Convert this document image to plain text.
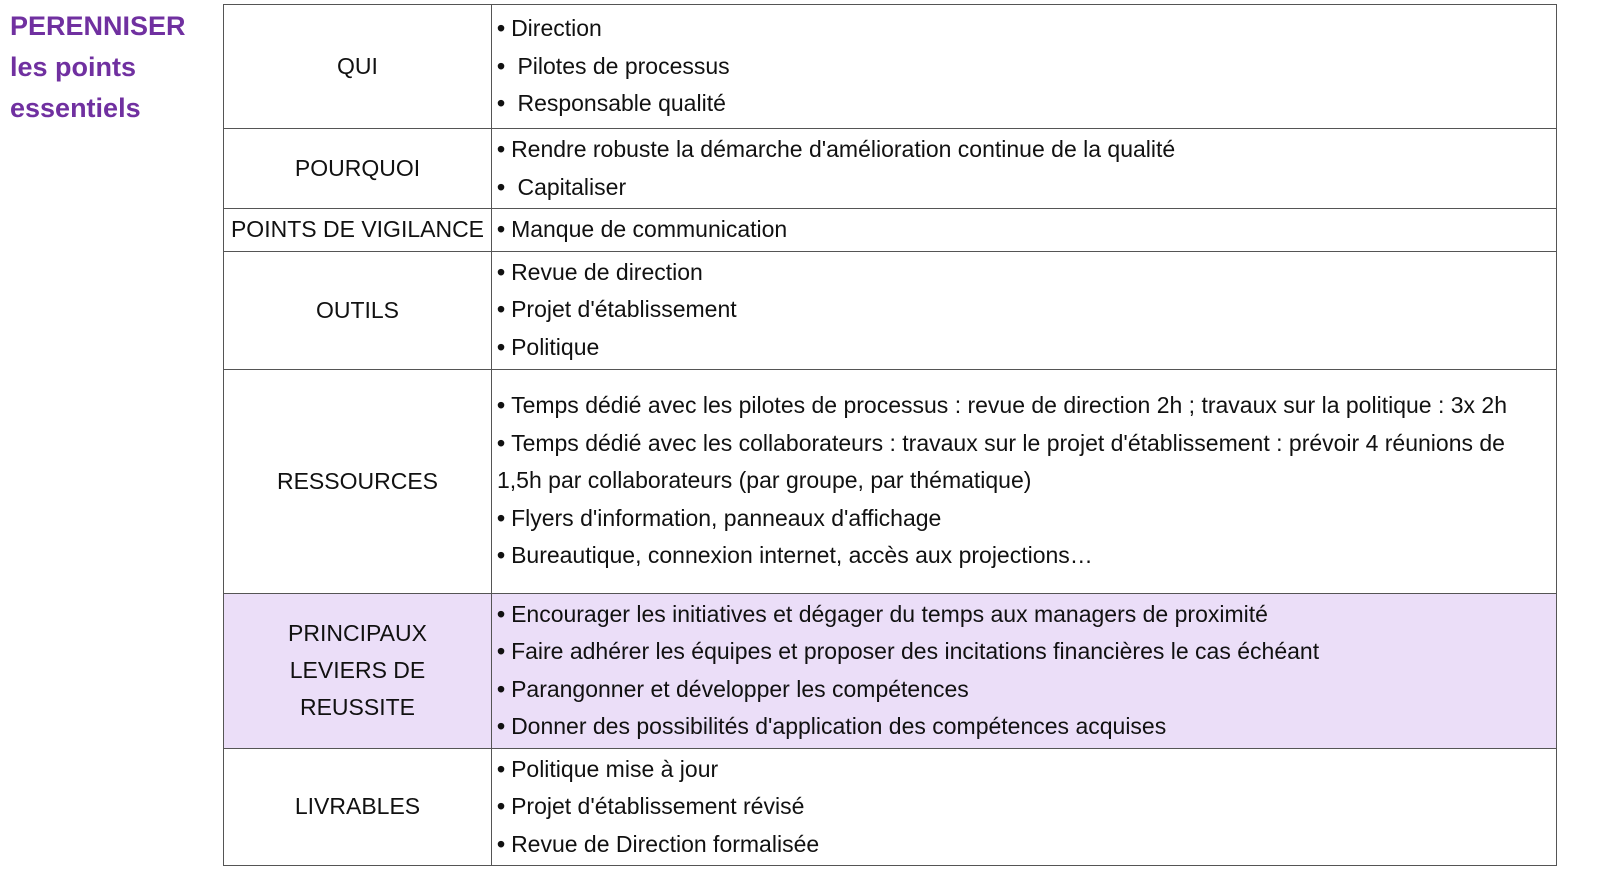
PERENNISER
les points
essentiels
QUI	• Direction
• Pilotes de processus
• Responsable qualité

POURQUOI	• Rendre robuste la démarche d'amélioration continue de la qualité
• Capitaliser

POINTS DE VIGILANCE	• Manque de communication

OUTILS	• Revue de direction
• Projet d'établissement
• Politique

RESSOURCES	• Temps dédié avec les pilotes de processus : revue de direction 2h ; travaux sur la politique : 3x 2h
• Temps dédié avec les collaborateurs : travaux sur le projet d'établissement : prévoir 4 réunions de 1,5h par collaborateurs (par groupe, par thématique)
• Flyers d'information, panneaux d'affichage
• Bureautique, connexion internet, accès aux projections…

PRINCIPAUX LEVIERS DE REUSSITE	• Encourager les initiatives et dégager du temps aux managers de proximité
• Faire adhérer les équipes et proposer des incitations financières le cas échéant
• Parangonner et développer les compétences
• Donner des possibilités d'application des compétences acquises

LIVRABLES	• Politique mise à jour
• Projet d'établissement révisé
• Revue de Direction formalisée
